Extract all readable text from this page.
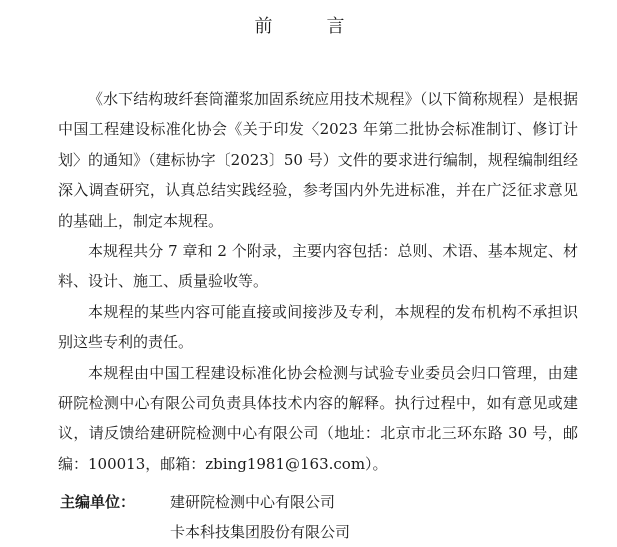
前　言

《水下结构玻纤套筒灌浆加固系统应用技术规程》（以下简称规程）是根据中国工程建设标准化协会《关于印发〈2023 年第二批协会标准制订、修订计划〉的通知》（建标协字〔2023〕50 号）文件的要求进行编制，规程编制组经深入调查研究，认真总结实践经验，参考国内外先进标准，并在广泛征求意见的基础上，制定本规程。

本规程共分 7 章和 2 个附录，主要内容包括：总则、术语、基本规定、材料、设计、施工、质量验收等。

本规程的某些内容可能直接或间接涉及专利，本规程的发布机构不承担识别这些专利的责任。

本规程由中国工程建设标准化协会检测与试验专业委员会归口管理，由建研院检测中心有限公司负责具体技术内容的解释。执行过程中，如有意见或建议，请反馈给建研院检测中心有限公司（地址：北京市北三环东路 30 号，邮编：100013，邮箱：zbing1981@163.com）。

主编单位：	建研院检测中心有限公司
卡本科技集团股份有限公司
